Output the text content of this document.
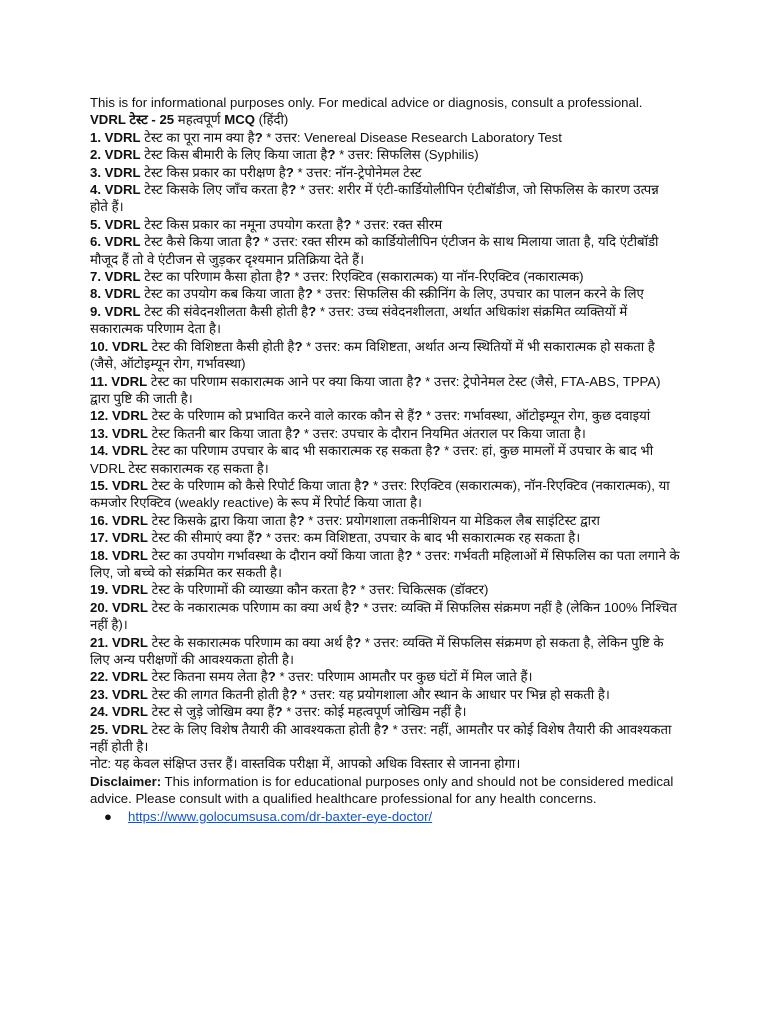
This is for informational purposes only. For medical advice or diagnosis, consult a professional.

VDRL टेस्ट - 25 महत्वपूर्ण MCQ (हिंदी)

1. VDRL टेस्ट का पूरा नाम क्या है? * उत्तर: Venereal Disease Research Laboratory Test

2. VDRL टेस्ट किस बीमारी के लिए किया जाता है? * उत्तर: सिफलिस (Syphilis)

3. VDRL टेस्ट किस प्रकार का परीक्षण है? * उत्तर: नॉन-ट्रेपोनेमल टेस्ट

4. VDRL टेस्ट किसके लिए जाँच करता है? * उत्तर: शरीर में एंटी-कार्डियोलीपिन एंटीबॉडीज, जो सिफलिस के कारण उत्पन्न होते हैं।

5. VDRL टेस्ट किस प्रकार का नमूना उपयोग करता है? * उत्तर: रक्त सीरम

6. VDRL टेस्ट कैसे किया जाता है? * उत्तर: रक्त सीरम को कार्डियोलीपिन एंटीजन के साथ मिलाया जाता है, यदि एंटीबॉडी मौजूद हैं तो वे एंटीजन से जुड़कर दृश्यमान प्रतिक्रिया देते हैं।

7. VDRL टेस्ट का परिणाम कैसा होता है? * उत्तर: रिएक्टिव (सकारात्मक) या नॉन-रिएक्टिव (नकारात्मक)

8. VDRL टेस्ट का उपयोग कब किया जाता है? * उत्तर: सिफलिस की स्क्रीनिंग के लिए, उपचार का पालन करने के लिए

9. VDRL टेस्ट की संवेदनशीलता कैसी होती है? * उत्तर: उच्च संवेदनशीलता, अर्थात अधिकांश संक्रमित व्यक्तियों में सकारात्मक परिणाम देता है।

10. VDRL टेस्ट की विशिष्टता कैसी होती है? * उत्तर: कम विशिष्टता, अर्थात अन्य स्थितियों में भी सकारात्मक हो सकता है (जैसे, ऑटोइम्यून रोग, गर्भावस्था)

11. VDRL टेस्ट का परिणाम सकारात्मक आने पर क्या किया जाता है? * उत्तर: ट्रेपोनेमल टेस्ट (जैसे, FTA-ABS, TPPA) द्वारा पुष्टि की जाती है।

12. VDRL टेस्ट के परिणाम को प्रभावित करने वाले कारक कौन से हैं? * उत्तर: गर्भावस्था, ऑटोइम्यून रोग, कुछ दवाइयां

13. VDRL टेस्ट कितनी बार किया जाता है? * उत्तर: उपचार के दौरान नियमित अंतराल पर किया जाता है।

14. VDRL टेस्ट का परिणाम उपचार के बाद भी सकारात्मक रह सकता है? * उत्तर: हां, कुछ मामलों में उपचार के बाद भी VDRL टेस्ट सकारात्मक रह सकता है।

15. VDRL टेस्ट के परिणाम को कैसे रिपोर्ट किया जाता है? * उत्तर: रिएक्टिव (सकारात्मक), नॉन-रिएक्टिव (नकारात्मक), या कमजोर रिएक्टिव (weakly reactive) के रूप में रिपोर्ट किया जाता है।

16. VDRL टेस्ट किसके द्वारा किया जाता है? * उत्तर: प्रयोगशाला तकनीशियन या मेडिकल लैब साइंटिस्ट द्वारा

17. VDRL टेस्ट की सीमाएं क्या हैं? * उत्तर: कम विशिष्टता, उपचार के बाद भी सकारात्मक रह सकता है।

18. VDRL टेस्ट का उपयोग गर्भावस्था के दौरान क्यों किया जाता है? * उत्तर: गर्भवती महिलाओं में सिफलिस का पता लगाने के लिए, जो बच्चे को संक्रमित कर सकती है।

19. VDRL टेस्ट के परिणामों की व्याख्या कौन करता है? * उत्तर: चिकित्सक (डॉक्टर)

20. VDRL टेस्ट के नकारात्मक परिणाम का क्या अर्थ है? * उत्तर: व्यक्ति में सिफलिस संक्रमण नहीं है (लेकिन 100% निश्चित नहीं है)।

21. VDRL टेस्ट के सकारात्मक परिणाम का क्या अर्थ है? * उत्तर: व्यक्ति में सिफलिस संक्रमण हो सकता है, लेकिन पुष्टि के लिए अन्य परीक्षणों की आवश्यकता होती है।

22. VDRL टेस्ट कितना समय लेता है? * उत्तर: परिणाम आमतौर पर कुछ घंटों में मिल जाते हैं।

23. VDRL टेस्ट की लागत कितनी होती है? * उत्तर: यह प्रयोगशाला और स्थान के आधार पर भिन्न हो सकती है।

24. VDRL टेस्ट से जुड़े जोखिम क्या हैं? * उत्तर: कोई महत्वपूर्ण जोखिम नहीं है।

25. VDRL टेस्ट के लिए विशेष तैयारी की आवश्यकता होती है? * उत्तर: नहीं, आमतौर पर कोई विशेष तैयारी की आवश्यकता नहीं होती है।

नोट: यह केवल संक्षिप्त उत्तर हैं। वास्तविक परीक्षा में, आपको अधिक विस्तार से जानना होगा।

Disclaimer: This information is for educational purposes only and should not be considered medical advice. Please consult with a qualified healthcare professional for any health concerns.

● https://www.golocumsusa.com/dr-baxter-eye-doctor/
